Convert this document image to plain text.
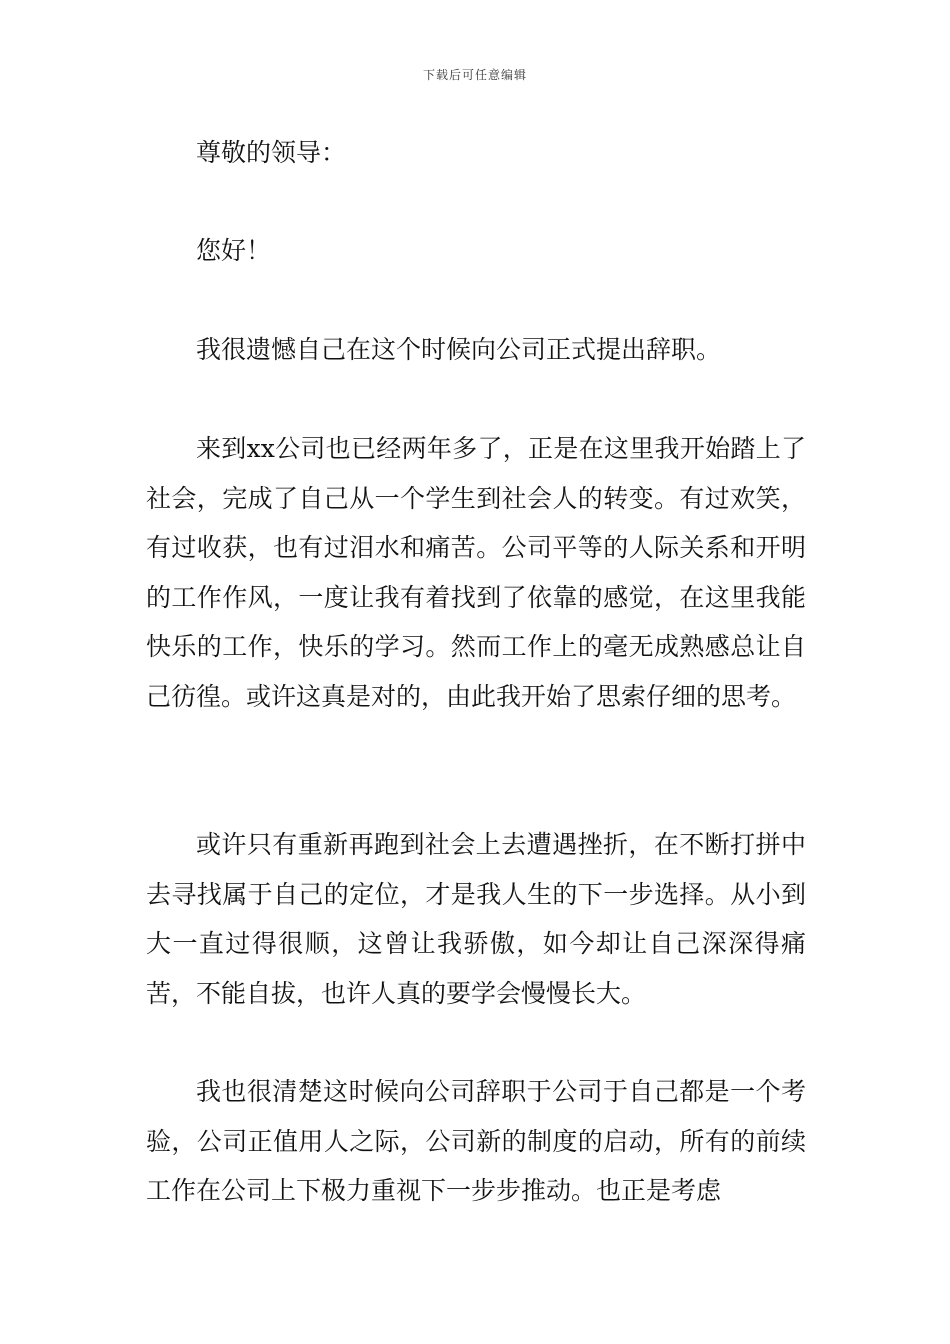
下载后可任意编辑

尊敬的领导：

您好！

我很遗憾自己在这个时候向公司正式提出辞职。

来到xx公司也已经两年多了，正是在这里我开始踏上了社会，完成了自己从一个学生到社会人的转变。有过欢笑，有过收获，也有过泪水和痛苦。公司平等的人际关系和开明的工作作风，一度让我有着找到了依靠的感觉，在这里我能快乐的工作，快乐的学习。然而工作上的毫无成熟感总让自己彷徨。或许这真是对的，由此我开始了思索仔细的思考。

或许只有重新再跑到社会上去遭遇挫折，在不断打拼中去寻找属于自己的定位，才是我人生的下一步选择。从小到大一直过得很顺，这曾让我骄傲，如今却让自己深深得痛苦，不能自拔，也许人真的要学会慢慢长大。

我也很清楚这时候向公司辞职于公司于自己都是一个考验，公司正值用人之际，公司新的制度的启动，所有的前续工作在公司上下极力重视下一步步推动。也正是考虑
